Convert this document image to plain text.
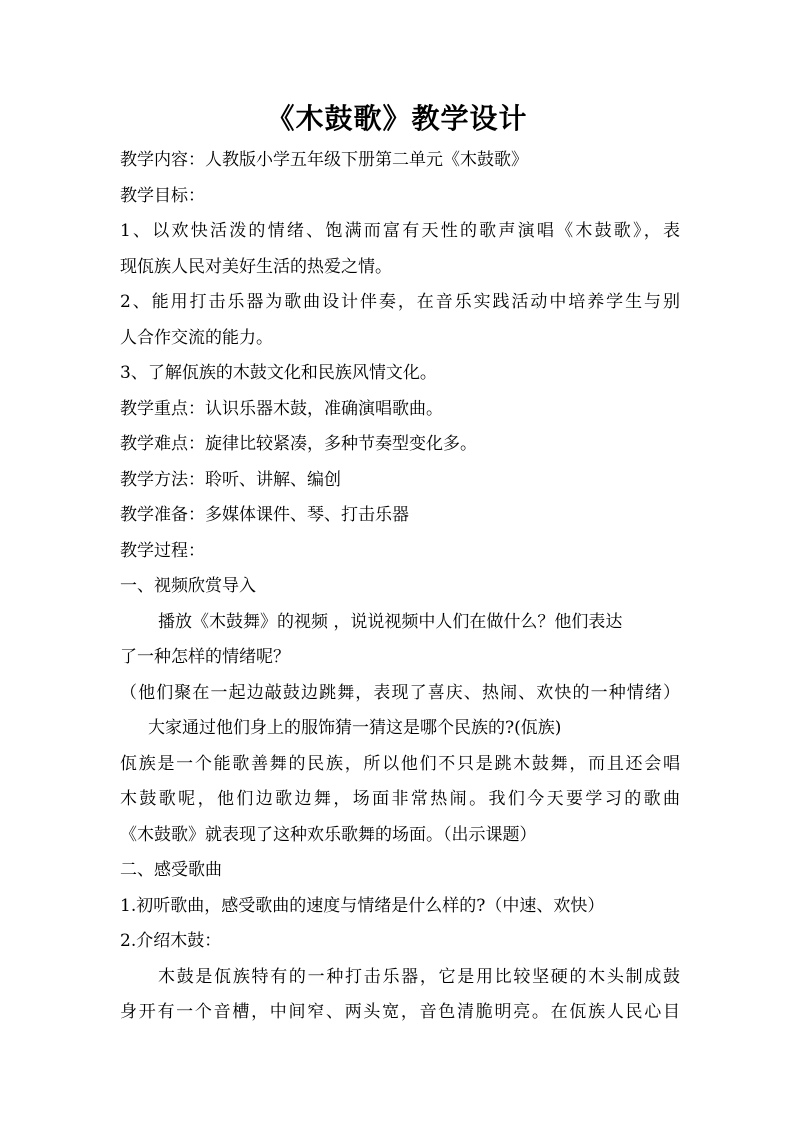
《木鼓歌》教学设计
教学内容：人教版小学五年级下册第二单元《木鼓歌》
教学目标：
1、以欢快活泼的情绪、饱满而富有天性的歌声演唱《木鼓歌》，表
现佤族人民对美好生活的热爱之情。
2、能用打击乐器为歌曲设计伴奏，在音乐实践活动中培养学生与别
人合作交流的能力。
3、了解佤族的木鼓文化和民族风情文化。
教学重点：认识乐器木鼓，准确演唱歌曲。
教学难点：旋律比较紧凑，多种节奏型变化多。
教学方法：聆听、讲解、编创
教学准备：多媒体课件、琴、打击乐器
教学过程：
一、视频欣赏导入
播放《木鼓舞》的视频 ，说说视频中人们在做什么？他们表达
了一种怎样的情绪呢？
（他们聚在一起边敲鼓边跳舞，表现了喜庆、热闹、欢快的一种情绪）
大家通过他们身上的服饰猜一猜这是哪个民族的?(佤族)
佤族是一个能歌善舞的民族，所以他们不只是跳木鼓舞，而且还会唱
木鼓歌呢，他们边歌边舞，场面非常热闹。我们今天要学习的歌曲
《木鼓歌》就表现了这种欢乐歌舞的场面。（出示课题）
二、感受歌曲
1.初听歌曲，感受歌曲的速度与情绪是什么样的?（中速、欢快）
2.介绍木鼓：
木鼓是佤族特有的一种打击乐器，它是用比较坚硬的木头制成鼓
身开有一个音槽，中间窄、两头宽，音色清脆明亮。在佤族人民心目
